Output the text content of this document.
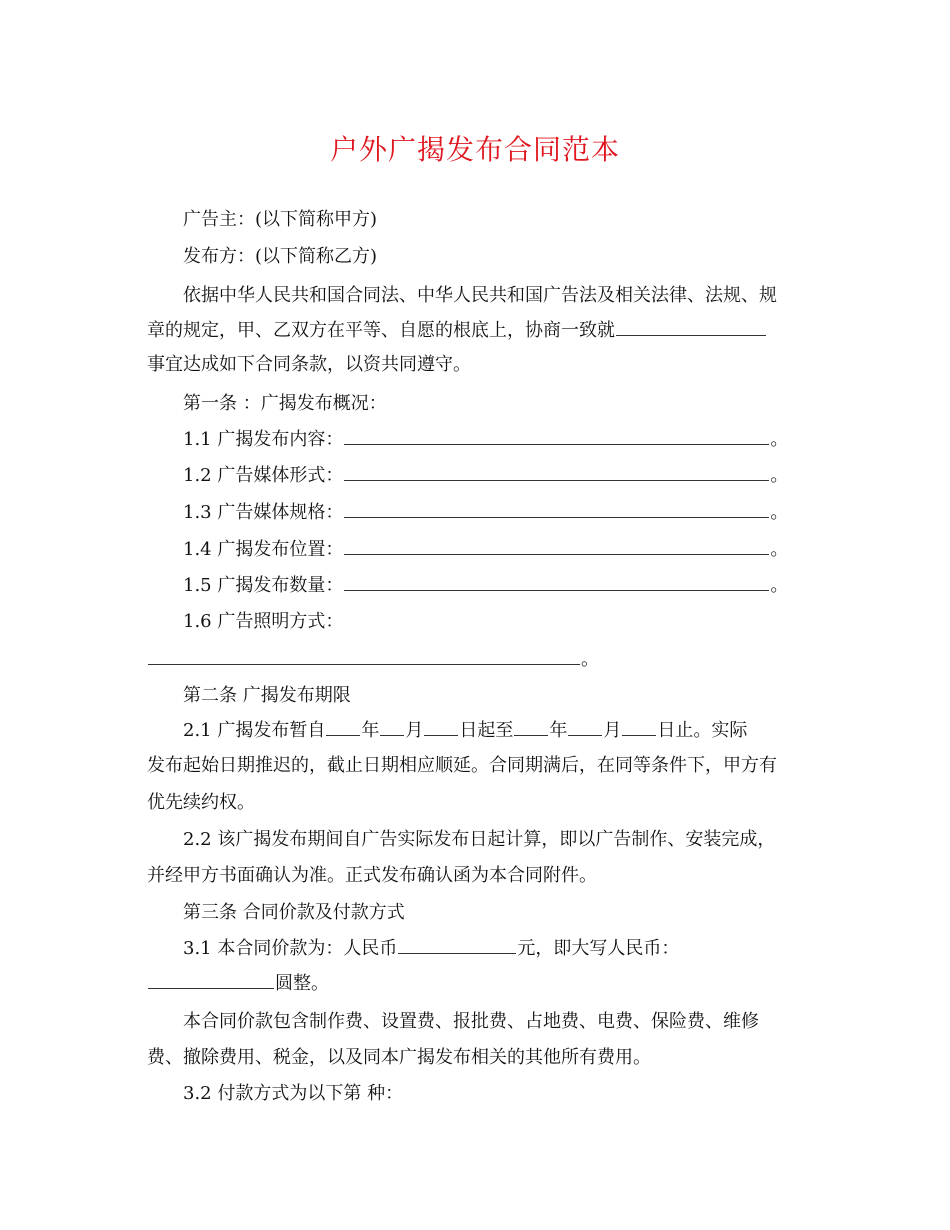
户外广揭发布合同范本
广告主：(以下简称甲方)
发布方：(以下简称乙方)
依据中华人民共和国合同法、中华人民共和国广告法及相关法律、法规、规
章的规定，甲、乙双方在平等、自愿的根底上，协商一致就
事宜达成如下合同条款，以资共同遵守。
第一条 ：广揭发布概况：
1.1 广揭发布内容：	。
1.2 广告媒体形式：	。
1.3 广告媒体规格：	。
1.4 广揭发布位置：	。
1.5 广揭发布数量：	。
1.6 广告照明方式：
。
第二条 广揭发布期限
2.1 广揭发布暂自 年 月 日起至 年 月 日止。实际
发布起始日期推迟的，截止日期相应顺延。合同期满后，在同等条件下，甲方有
优先续约权。
2.2 该广揭发布期间自广告实际发布日起计算，即以广告制作、安装完成，
并经甲方书面确认为准。正式发布确认函为本合同附件。
第三条 合同价款及付款方式
3.1 本合同价款为：人民币	元，即大写人民币：
圆整。
本合同价款包含制作费、设置费、报批费、占地费、电费、保险费、维修
费、撤除费用、税金，以及同本广揭发布相关的其他所有费用。
3.2 付款方式为以下第 种：
